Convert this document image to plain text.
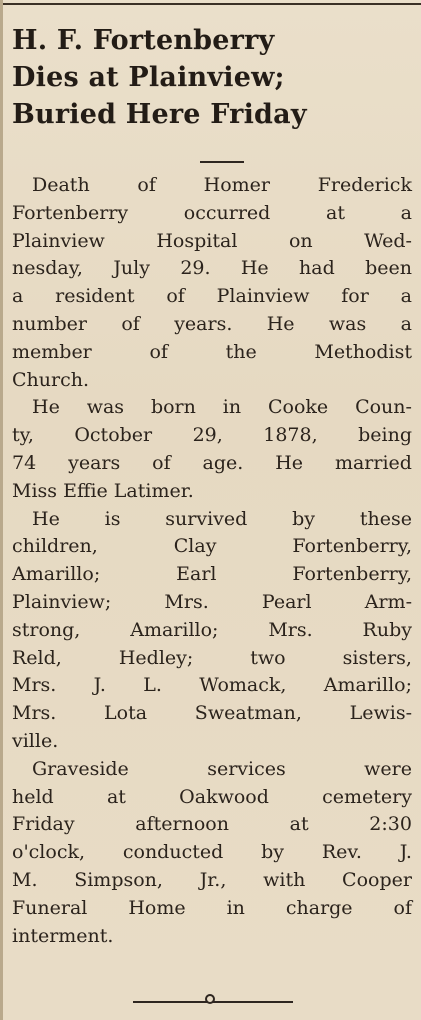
H. F. Fortenberry
Dies at Plainview;
Buried Here Friday
Death	of	Homer	Frederick
Fortenberry	occurred	at	a
Plainview	Hospital	on	Wed-
nesday, July 29. He had been
a resident of Plainview for a
number of years. He was a
member	of	the	Methodist
Church.
He was born in Cooke Coun-
ty, October 29, 1878, being
74 years of age. He married
Miss Effie Latimer.
He is survived by these
children,	Clay	Fortenberry,
Amarillo;	Earl	Fortenberry,
Plainview;	Mrs.	Pearl	Arm-
strong,	Amarillo;	Mrs.	Ruby
Reld,	Hedley;	two	sisters,
Mrs. J. L. Womack, Amarillo;
Mrs.	Lota	Sweatman,	Lewis-
ville.
Graveside	services	were
held	at	Oakwood	cemetery
Friday	afternoon	at	2:30
o'clock, conducted by Rev. J.
M. Simpson, Jr., with Cooper
Funeral Home in charge of
interment.
